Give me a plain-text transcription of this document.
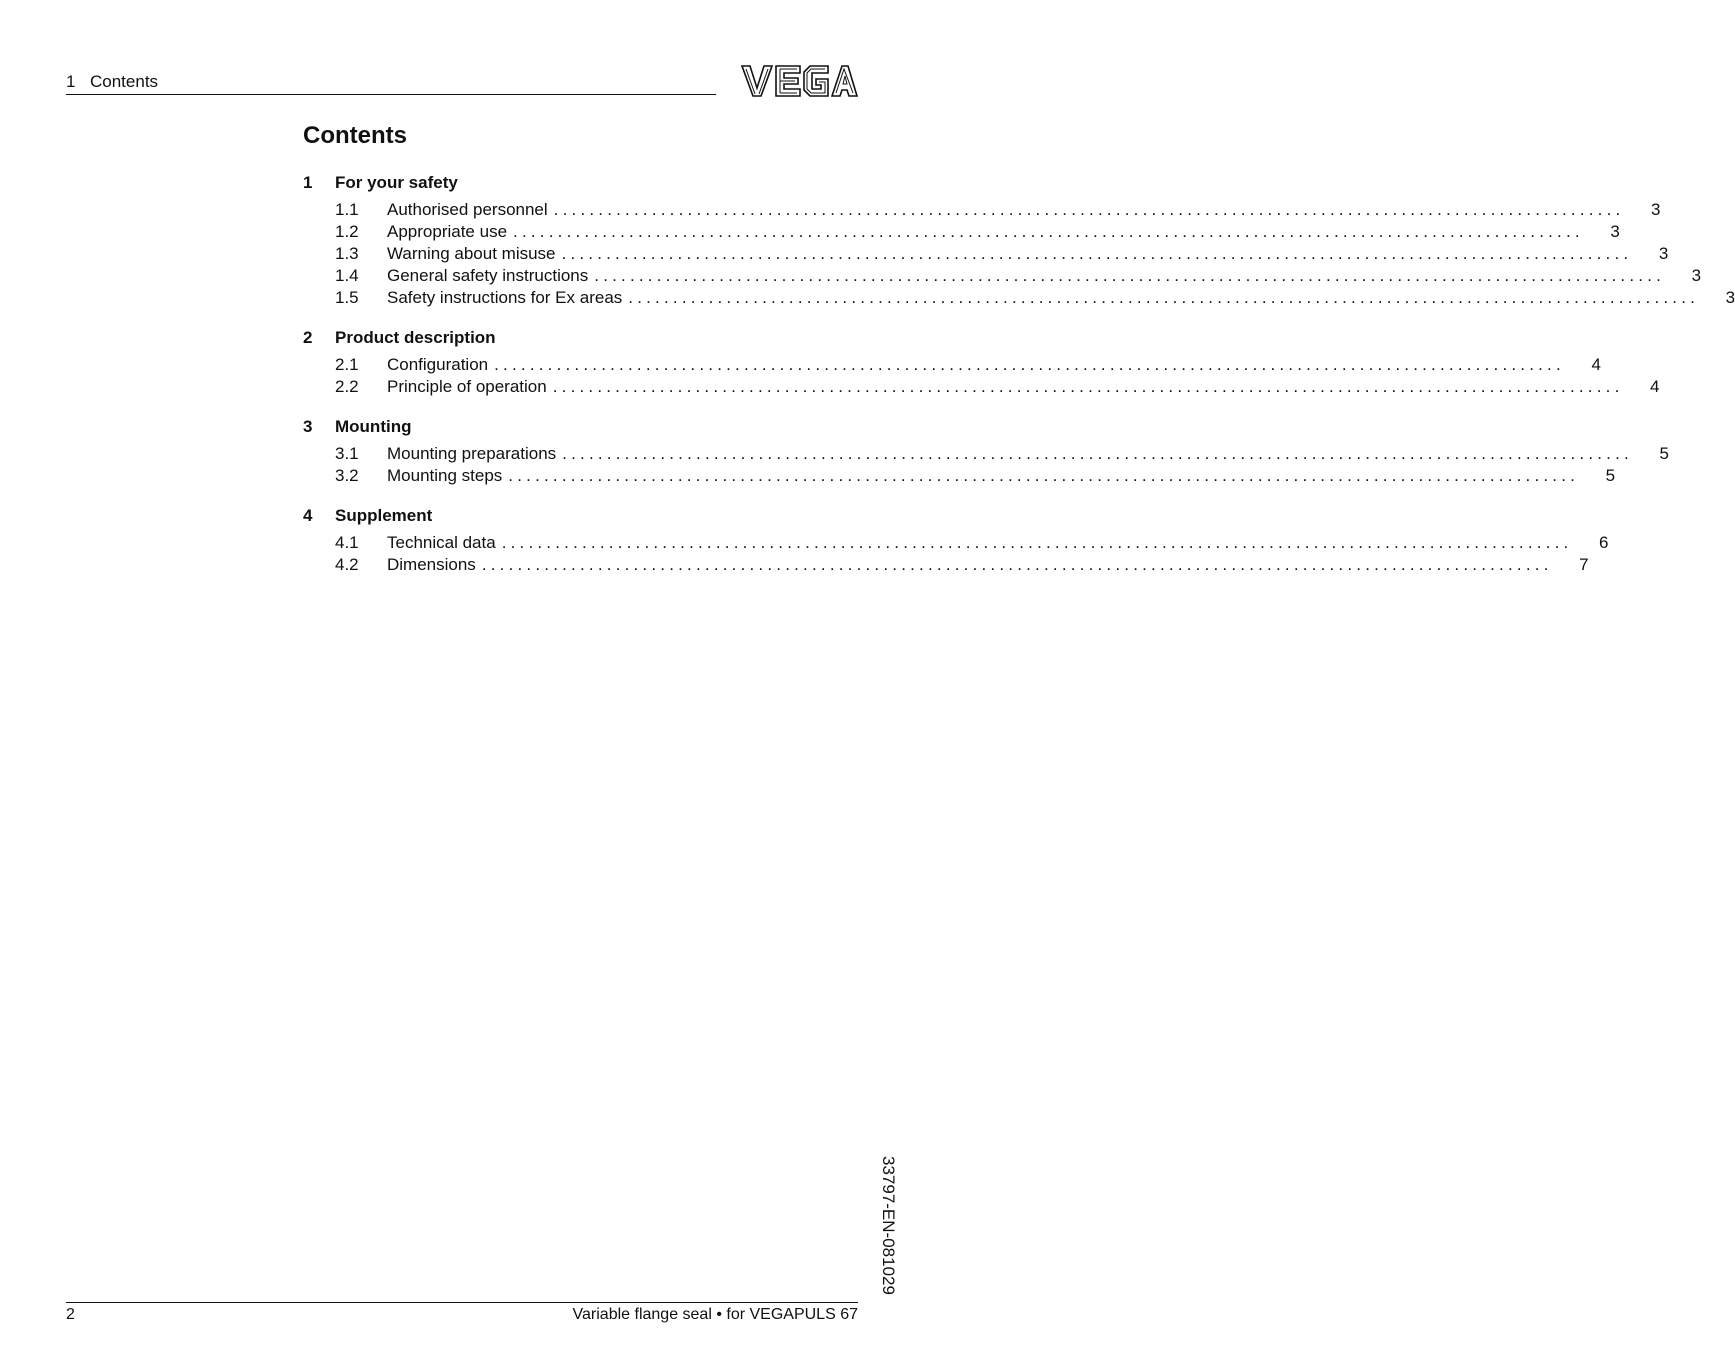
1 Contents
Contents
1 For your safety
1.1	Authorised personnel ........................................................................................................................	3
1.2	Appropriate use ........................................................................................................................	3
1.3	Warning about misuse ........................................................................................................................	3
1.4	General safety instructions ........................................................................................................................	3
1.5	Safety instructions for Ex areas ........................................................................................................................	3
2 Product description
2.1	Configuration ........................................................................................................................	4
2.2	Principle of operation ........................................................................................................................	4
3 Mounting
3.1	Mounting preparations ........................................................................................................................	5
3.2	Mounting steps ........................................................................................................................	5
4 Supplement
4.1	Technical data ........................................................................................................................	6
4.2	Dimensions ........................................................................................................................	7
33797-EN-081029
2	Variable flange seal • for VEGAPULS 67
